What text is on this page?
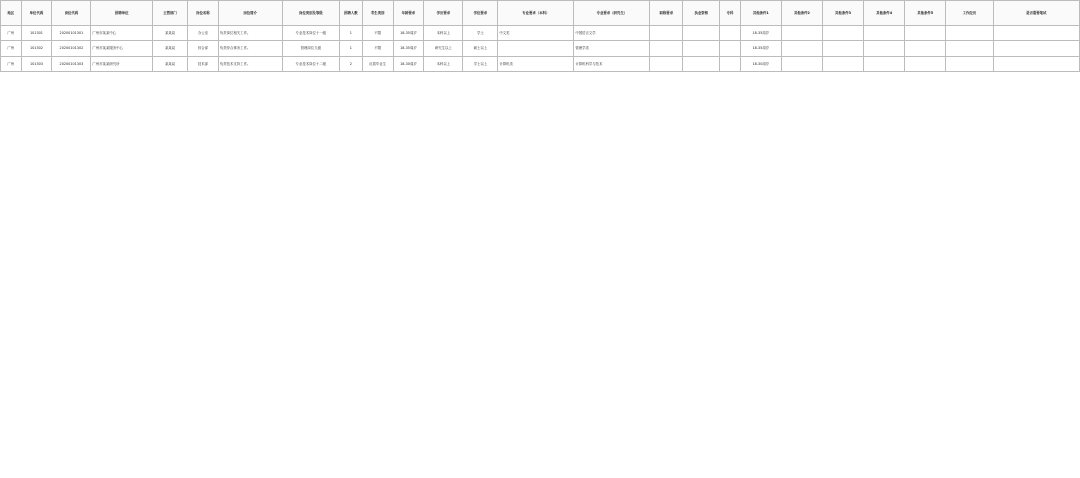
地区	单位代码	岗位代码	招聘单位	主管部门	岗位名称	岗位简介	岗位类别及等级	招聘人数	考生类别	年龄要求	学历要求	学位要求	专业要求（本科）	专业要求（研究生）	职称要求	执业资格	专科	其他条件1	其他条件2	其他条件3	其他条件4	其他条件5	工作经历	是否需要笔试
广州	101301	20200101301	广州市某某中心	某某局	办公室	负责岗位相关工作。	专业技术岗位十一级	1	不限	18-35周岁	本科以上	学士	中文类	中国语言文学				18-35周岁						
广州	101302	20200101302	广州市某某服务中心	某某局	综合部	负责综合事务工作。	管理岗位九级	1	不限	18-35周岁	研究生以上	硕士以上		管理学类				18-35周岁						
广州	101303	20200101303	广州市某某研究所	某某局	技术部	负责技术支持工作。	专业技术岗位十二级	2	应届毕业生	18-30周岁	本科以上	学士以上	计算机类	计算机科学与技术				18-30周岁						
